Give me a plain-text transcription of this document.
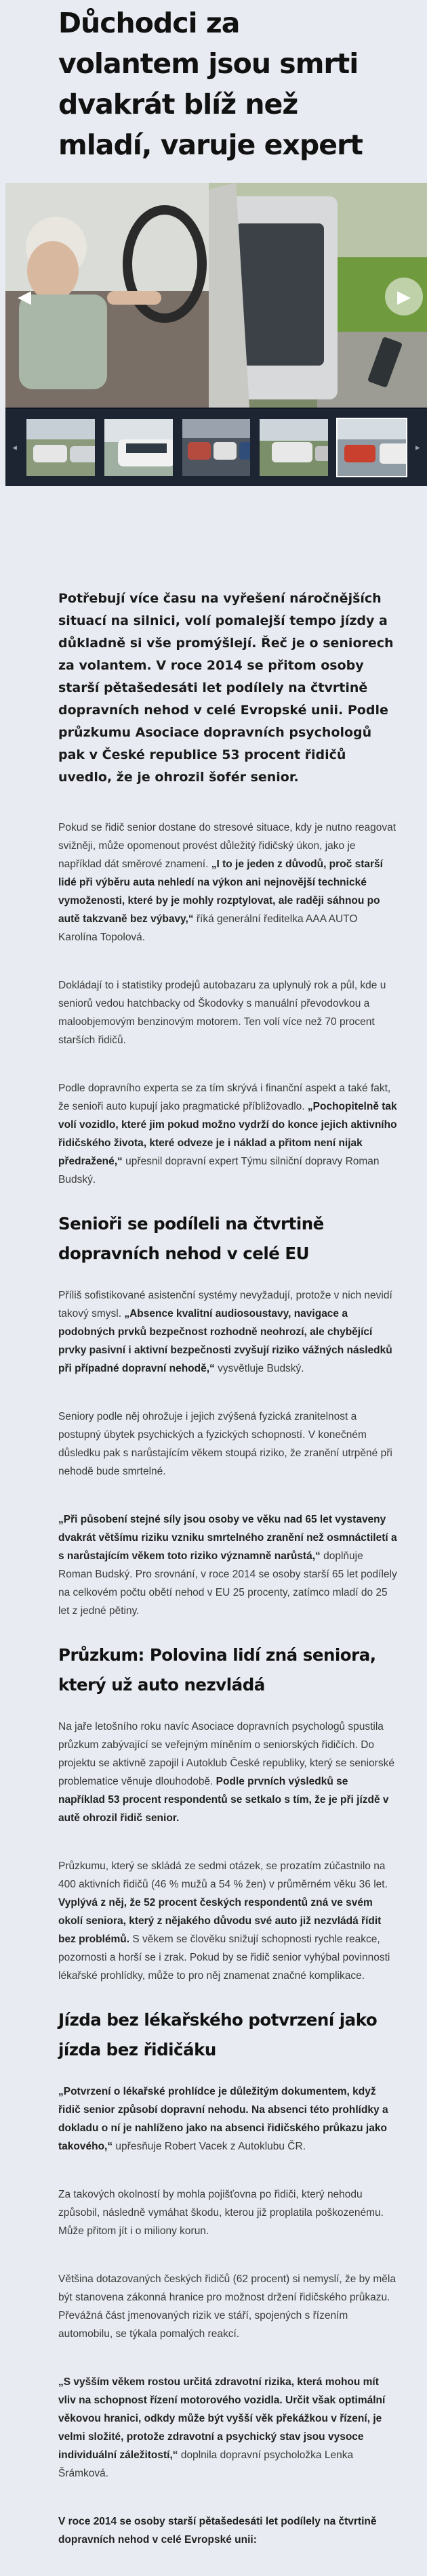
Důchodci za volantem jsou smrti dvakrát blíž než mladí, varuje expert
◀	▶
◂	▸

Potřebují více času na vyřešení náročnějších situací na silnici, volí pomalejší tempo jízdy a důkladně si vše promýšlejí. Řeč je o seniorech za volantem. V roce 2014 se přitom osoby starší pětašedesáti let podílely na čtvrtině dopravních nehod v celé Evropské unii. Podle průzkumu Asociace dopravních psychologů pak v České republice 53 procent řidičů uvedlo, že je ohrozil šofér senior.

Pokud se řidič senior dostane do stresové situace, kdy je nutno reagovat svižněji, může opomenout provést důležitý řidičský úkon, jako je například dát směrové znamení. „I to je jeden z důvodů, proč starší lidé při výběru auta nehledí na výkon ani nejnovější technické vymoženosti, které by je mohly rozptylovat, ale raději sáhnou po autě takzvaně bez výbavy,“ říká generální ředitelka AAA AUTO Karolína Topolová.

Dokládají to i statistiky prodejů autobazaru za uplynulý rok a půl, kde u seniorů vedou hatchbacky od Škodovky s manuální převodovkou a maloobjemovým benzinovým motorem. Ten volí více než 70 procent starších řidičů.

Podle dopravního experta se za tím skrývá i finanční aspekt a také fakt, že senioři auto kupují jako pragmatické příbližovadlo. „Pochopitelně tak volí vozidlo, které jim pokud možno vydrží do konce jejich aktivního řidičského života, které odveze je i náklad a přitom není nijak předražené,“ upřesnil dopravní expert Týmu silniční dopravy Roman Budský.

Senioři se podíleli na čtvrtině dopravních nehod v celé EU

Příliš sofistikované asistenční systémy nevyžadují, protože v nich nevidí takový smysl. „Absence kvalitní audiosoustavy, navigace a podobných prvků bezpečnost rozhodně neohrozí, ale chybějící prvky pasivní i aktivní bezpečnosti zvyšují riziko vážných následků při případné dopravní nehodě,“ vysvětluje Budský.

Seniory podle něj ohrožuje i jejich zvýšená fyzická zranitelnost a postupný úbytek psychických a fyzických schopností. V konečném důsledku pak s narůstajícím věkem stoupá riziko, že zranění utrpěné při nehodě bude smrtelné.

„Při působení stejné síly jsou osoby ve věku nad 65 let vystaveny dvakrát většímu riziku vzniku smrtelného zranění než osmnáctiletí a s narůstajícím věkem toto riziko významně narůstá,“ doplňuje Roman Budský. Pro srovnání, v roce 2014 se osoby starší 65 let podílely na celkovém počtu obětí nehod v EU 25 procenty, zatímco mladí do 25 let z jedné pětiny.

Průzkum: Polovina lidí zná seniora, který už auto nezvládá

Na jaře letošního roku navíc Asociace dopravních psychologů spustila průzkum zabývající se veřejným míněním o seniorských řidičích. Do projektu se aktivně zapojil i Autoklub České republiky, který se seniorské problematice věnuje dlouhodobě. Podle prvních výsledků se například 53 procent respondentů se setkalo s tím, že je při jízdě v autě ohrozil řidič senior.

Průzkumu, který se skládá ze sedmi otázek, se prozatím zúčastnilo na 400 aktivních řidičů (46 % mužů a 54 % žen) v průměrném věku 36 let. Vyplývá z něj, že 52 procent českých respondentů zná ve svém okolí seniora, který z nějakého důvodu své auto již nezvládá řídit bez problémů. S věkem se člověku snižují schopnosti rychle reakce, pozornosti a horší se i zrak. Pokud by se řidič senior vyhýbal povinnosti lékařské prohlídky, může to pro něj znamenat značné komplikace.

Jízda bez lékařského potvrzení jako jízda bez řidičáku

„Potvrzení o lékařské prohlídce je důležitým dokumentem, když řidič senior způsobí dopravní nehodu. Na absenci této prohlídky a dokladu o ní je nahlíženo jako na absenci řidičského průkazu jako takového,“ upřesňuje Robert Vacek z Autoklubu ČR.

Za takových okolností by mohla pojišťovna po řidiči, který nehodu způsobil, následně vymáhat škodu, kterou již proplatila poškozenému. Může přitom jít i o miliony korun.

Většina dotazovaných českých řidičů (62 procent) si nemyslí, že by měla být stanovena zákonná hranice pro možnost držení řidičského průkazu. Převážná část jmenovaných rizik ve stáří, spojených s řízením automobilu, se týkala pomalých reakcí.

„S vyšším věkem rostou určitá zdravotní rizika, která mohou mít vliv na schopnost řízení motorového vozidla. Určit však optimální věkovou hranici, odkdy může být vyšší věk překážkou v řízení, je velmi složité, protože zdravotní a psychický stav jsou vysoce individuální záležitostí,“ doplnila dopravní psycholožka Lenka Šrámková.

V roce 2014 se osoby starší pětašedesáti let podílely na čtvrtině dopravních nehod v celé Evropské unii:
